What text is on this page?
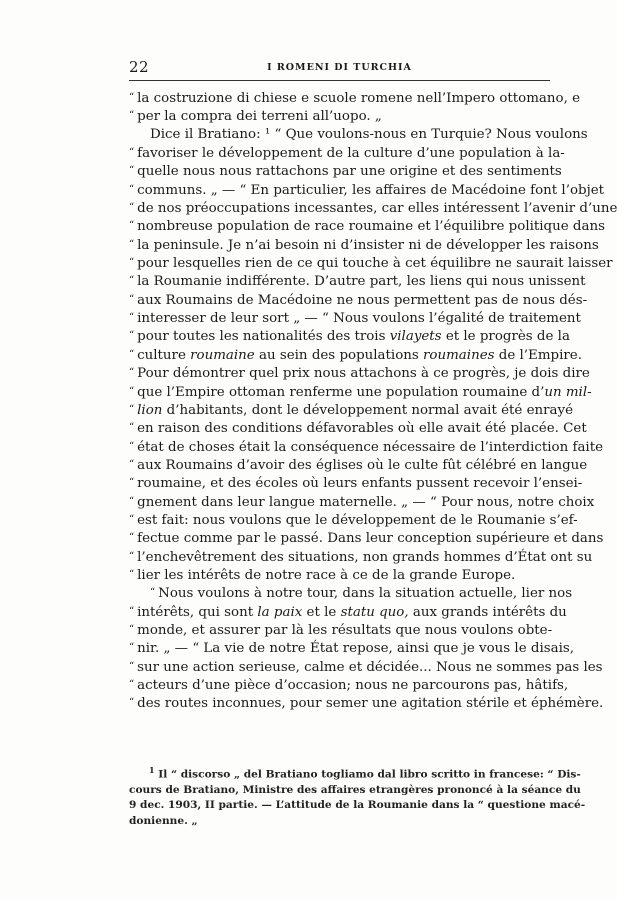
22	I ROMENI DI TURCHIA
“ la costruzione di chiese e scuole romene nell’Impero ottomano, e
“ per la compra dei terreni all’uopo. „
Dice il Bratiano: ¹ “ Que voulons-nous en Turquie? Nous voulons
“ favoriser le développement de la culture d’une population à la-
“ quelle nous nous rattachons par une origine et des sentiments
“ communs. „ — “ En particulier, les affaires de Macédoine font l’objet
“ de nos préoccupations incessantes, car elles intéressent l’avenir d’une
“ nombreuse population de race roumaine et l’équilibre politique dans
“ la peninsule. Je n’ai besoin ni d’insister ni de développer les raisons
“ pour lesquelles rien de ce qui touche à cet équilibre ne saurait laisser
“ la Roumanie indifférente. D’autre part, les liens qui nous unissent
“ aux Roumains de Macédoine ne nous permettent pas de nous dés-
“ interesser de leur sort „ — “ Nous voulons l’égalité de traitement
“ pour toutes les nationalités des trois vilayets et le progrès de la
“ culture roumaine au sein des populations roumaines de l’Empire.
“ Pour démontrer quel prix nous attachons à ce progrès, je dois dire
“ que l’Empire ottoman renferme une population roumaine d’un mil-
“ lion d’habitants, dont le développement normal avait été enrayé
“ en raison des conditions défavorables où elle avait été placée. Cet
“ état de choses était la conséquence nécessaire de l’interdiction faite
“ aux Roumains d’avoir des églises où le culte fût célébré en langue
“ roumaine, et des écoles où leurs enfants pussent recevoir l’ensei-
“ gnement dans leur langue maternelle. „ — “ Pour nous, notre choix
“ est fait: nous voulons que le développement de le Roumanie s’ef-
“ fectue comme par le passé. Dans leur conception supérieure et dans
“ l’enchevêtrement des situations, non grands hommes d’État ont su
“ lier les intérêts de notre race à ce de la grande Europe.
“ Nous voulons à notre tour, dans la situation actuelle, lier nos
“ intérêts, qui sont la paix et le statu quo, aux grands intérêts du
“ monde, et assurer par là les résultats que nous voulons obte-
“ nir. „ — “ La vie de notre État repose, ainsi que je vous le disais,
“ sur une action serieuse, calme et décidée... Nous ne sommes pas les
“ acteurs d’une pièce d’occasion; nous ne parcourons pas, hâtifs,
“ des routes inconnues, pour semer une agitation stérile et éphémère.
$^1$ Il “ discorso „ del Bratiano togliamo dal libro scritto in francese: “ Dis-
cours de Bratiano, Ministre des affaires etrangères prononcé à la séance du
9 dec. 1903, II partie. — L’attitude de la Roumanie dans la “ questione macé-
donienne. „
